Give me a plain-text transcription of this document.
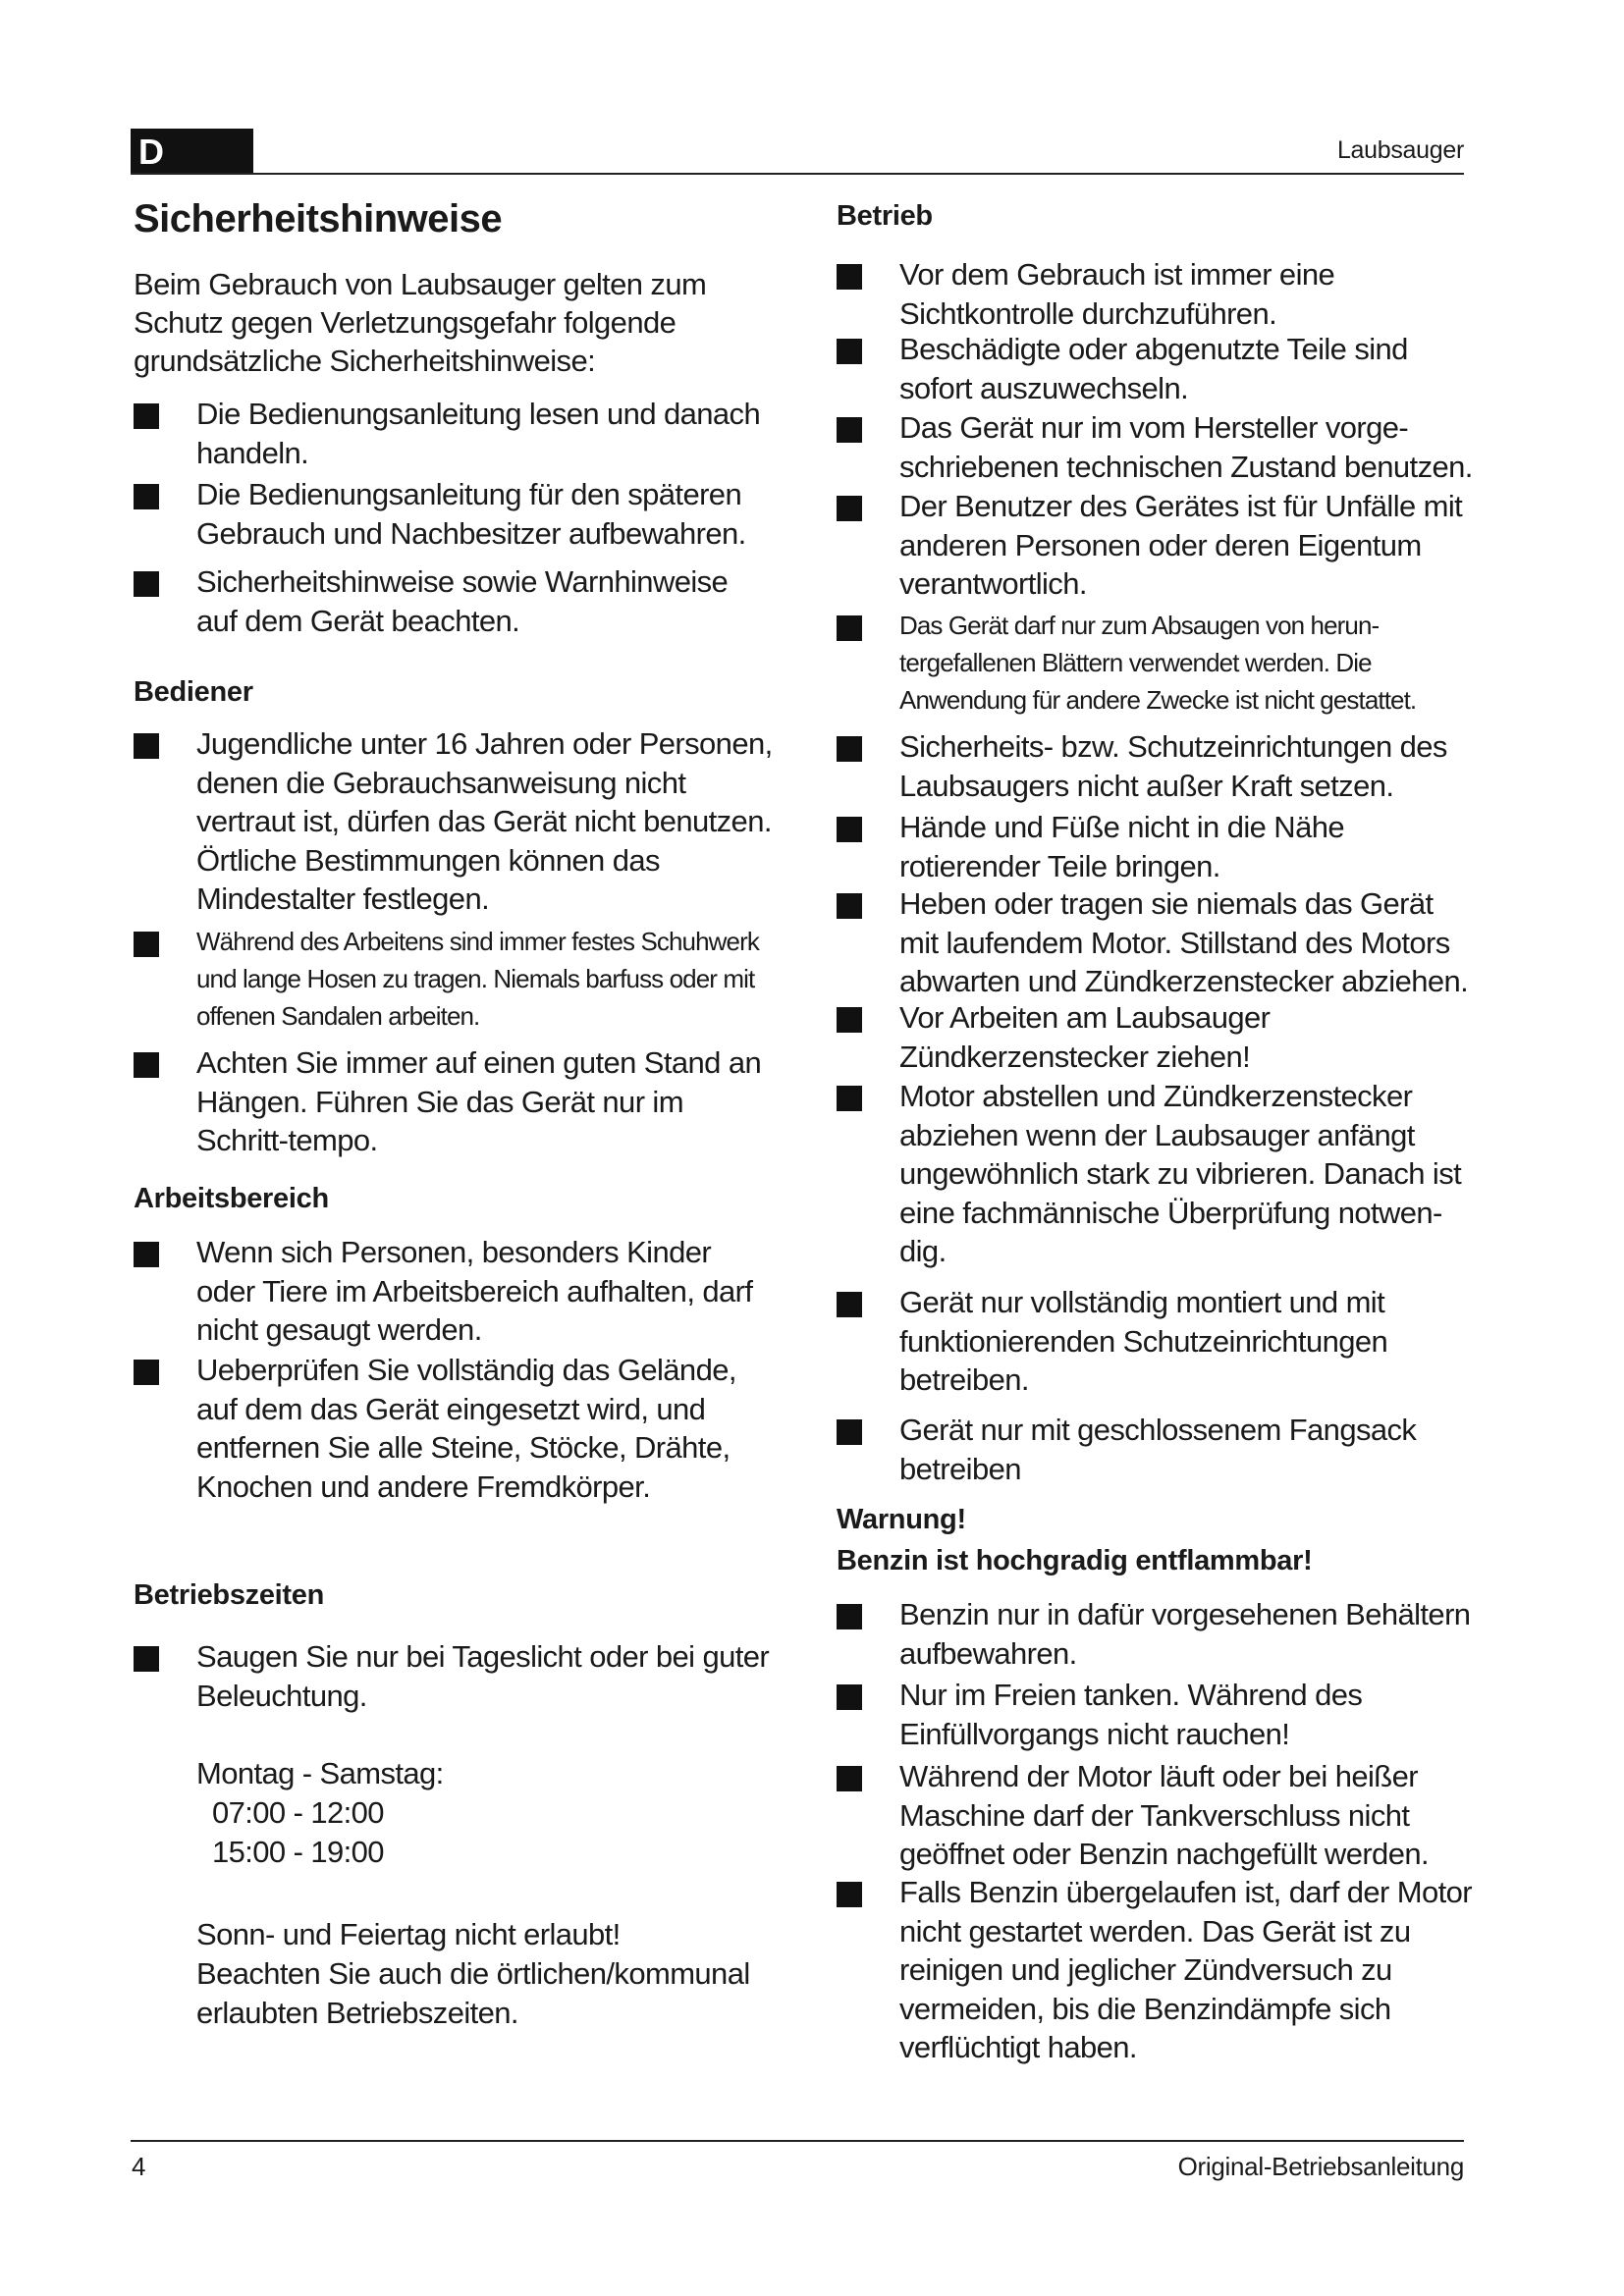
D	Laubsauger
Sicherheitshinweise

Beim Gebrauch von Laubsauger gelten zum Schutz gegen Verletzungsgefahr folgende grundsätzliche Sicherheitshinweise:

Die Bedienungsanleitung lesen und danach handeln.
Die Bedienungsanleitung für den späteren Gebrauch und Nachbesitzer aufbewahren.
Sicherheitshinweise sowie Warnhinweise auf dem Gerät beachten.
Bediener
Jugendliche unter 16 Jahren oder Personen, denen die Gebrauchsanweisung nicht vertraut ist, dürfen das Gerät nicht benutzen. Örtliche Bestimmungen können das Mindestalter festlegen.
Während des Arbeitens sind immer festes Schuhwerk und lange Hosen zu tragen. Niemals barfuss oder mit offenen Sandalen arbeiten.
Achten Sie immer auf einen guten Stand an Hängen. Führen Sie das Gerät nur im Schritt-tempo.
Arbeitsbereich
Wenn sich Personen, besonders Kinder oder Tiere im Arbeitsbereich aufhalten, darf nicht gesaugt werden.
Ueberprüfen Sie vollständig das Gelände, auf dem das Gerät eingesetzt wird, und entfernen Sie alle Steine, Stöcke, Drähte, Knochen und andere Fremdkörper.
Betriebszeiten
Saugen Sie nur bei Tageslicht oder bei guter Beleuchtung.
Montag - Samstag:
07:00 - 12:00
15:00 - 19:00
Sonn- und Feiertag nicht erlaubt!
Beachten Sie auch die örtlichen/kommunal erlaubten Betriebszeiten.
Betrieb
Vor dem Gebrauch ist immer eine Sichtkontrolle durchzuführen.
Beschädigte oder abgenutzte Teile sind sofort auszuwechseln.
Das Gerät nur im vom Hersteller vorge-schriebenen technischen Zustand benutzen.
Der Benutzer des Gerätes ist für Unfälle mit anderen Personen oder deren Eigentum verantwortlich.
Das Gerät darf nur zum Absaugen von herun-tergefallenen Blättern verwendet werden. Die Anwendung für andere Zwecke ist nicht gestattet.
Sicherheits- bzw. Schutzeinrichtungen des Laubsaugers nicht außer Kraft setzen.
Hände und Füße nicht in die Nähe rotierender Teile bringen.
Heben oder tragen sie niemals das Gerät mit laufendem Motor. Stillstand des Motors abwarten und Zündkerzenstecker abziehen.
Vor Arbeiten am Laubsauger Zündkerzenstecker ziehen!
Motor abstellen und Zündkerzenstecker abziehen wenn der Laubsauger anfängt ungewöhnlich stark zu vibrieren. Danach ist eine fachmännische Überprüfung notwen-dig.
Gerät nur vollständig montiert und mit funktionierenden Schutzeinrichtungen betreiben.
Gerät nur mit geschlossenem Fangsack betreiben
Warnung!
Benzin ist hochgradig entflammbar!
Benzin nur in dafür vorgesehenen Behältern aufbewahren.
Nur im Freien tanken. Während des Einfüllvorgangs nicht rauchen!
Während der Motor läuft oder bei heißer Maschine darf der Tankverschluss nicht geöffnet oder Benzin nachgefüllt werden.
Falls Benzin übergelaufen ist, darf der Motor nicht gestartet werden. Das Gerät ist zu reinigen und jeglicher Zündversuch zu vermeiden, bis die Benzindämpfe sich verflüchtigt haben.
4	Original-Betriebsanleitung
